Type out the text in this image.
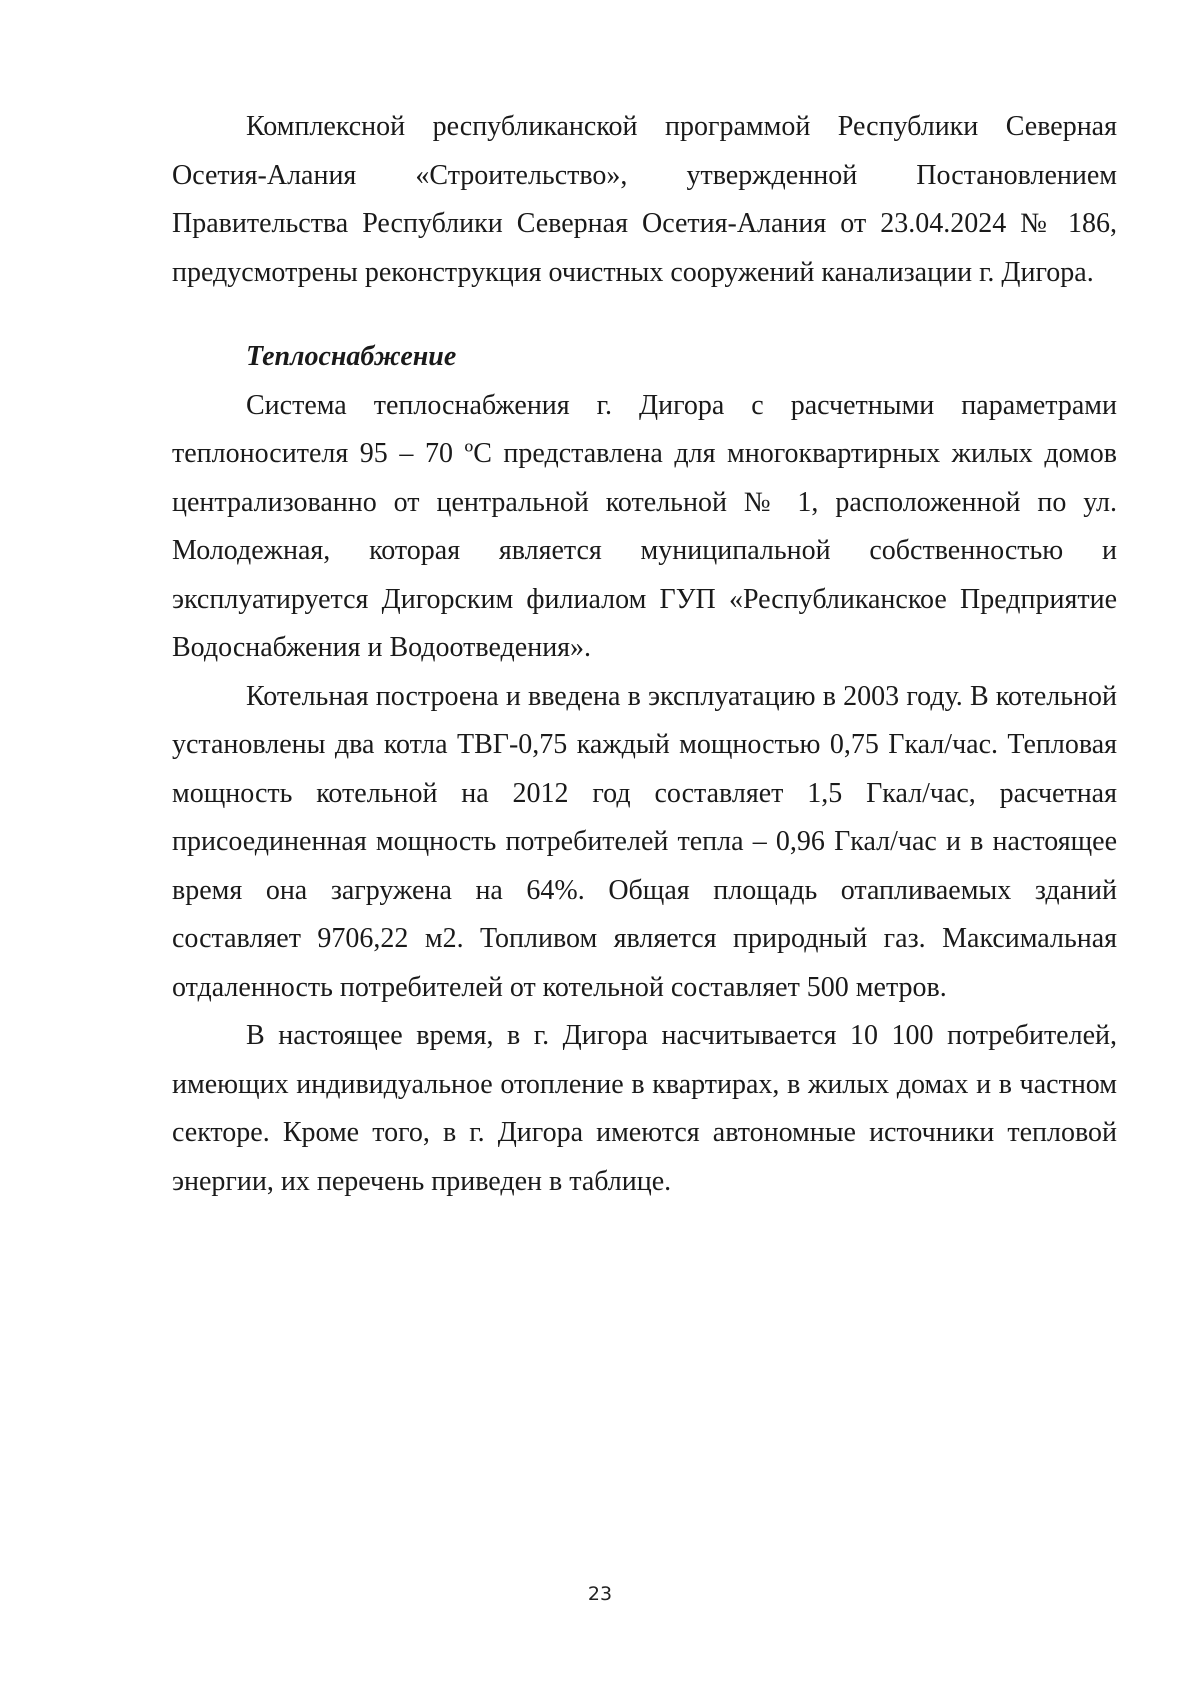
Комплексной республиканской программой Республики Северная Осетия-Алания «Строительство», утвержденной Постановлением Правительства Республики Северная Осетия-Алания от 23.04.2024 № 186, предусмотрены реконструкция очистных сооружений канализации г. Дигора.

Теплоснабжение

Система теплоснабжения г. Дигора с расчетными параметрами теплоносителя 95 – 70 ºС представлена для многоквартирных жилых домов централизованно от центральной котельной № 1, расположенной по ул. Молодежная, которая является муниципальной собственностью и эксплуатируется Дигорским филиалом ГУП «Республиканское Предприятие Водоснабжения и Водоотведения».

Котельная построена и введена в эксплуатацию в 2003 году. В котельной установлены два котла ТВГ-0,75 каждый мощностью 0,75 Гкал/час. Тепловая мощность котельной на 2012 год составляет 1,5 Гкал/час, расчетная присоединенная мощность потребителей тепла – 0,96 Гкал/час и в настоящее время она загружена на 64%. Общая площадь отапливаемых зданий составляет 9706,22 м2. Топливом является природный газ. Максимальная отдаленность потребителей от котельной составляет 500 метров.

В настоящее время, в г. Дигора насчитывается 10 100 потребителей, имеющих индивидуальное отопление в квартирах, в жилых домах и в частном секторе. Кроме того, в г. Дигора имеются автономные источники тепловой энергии, их перечень приведен в таблице.

23
